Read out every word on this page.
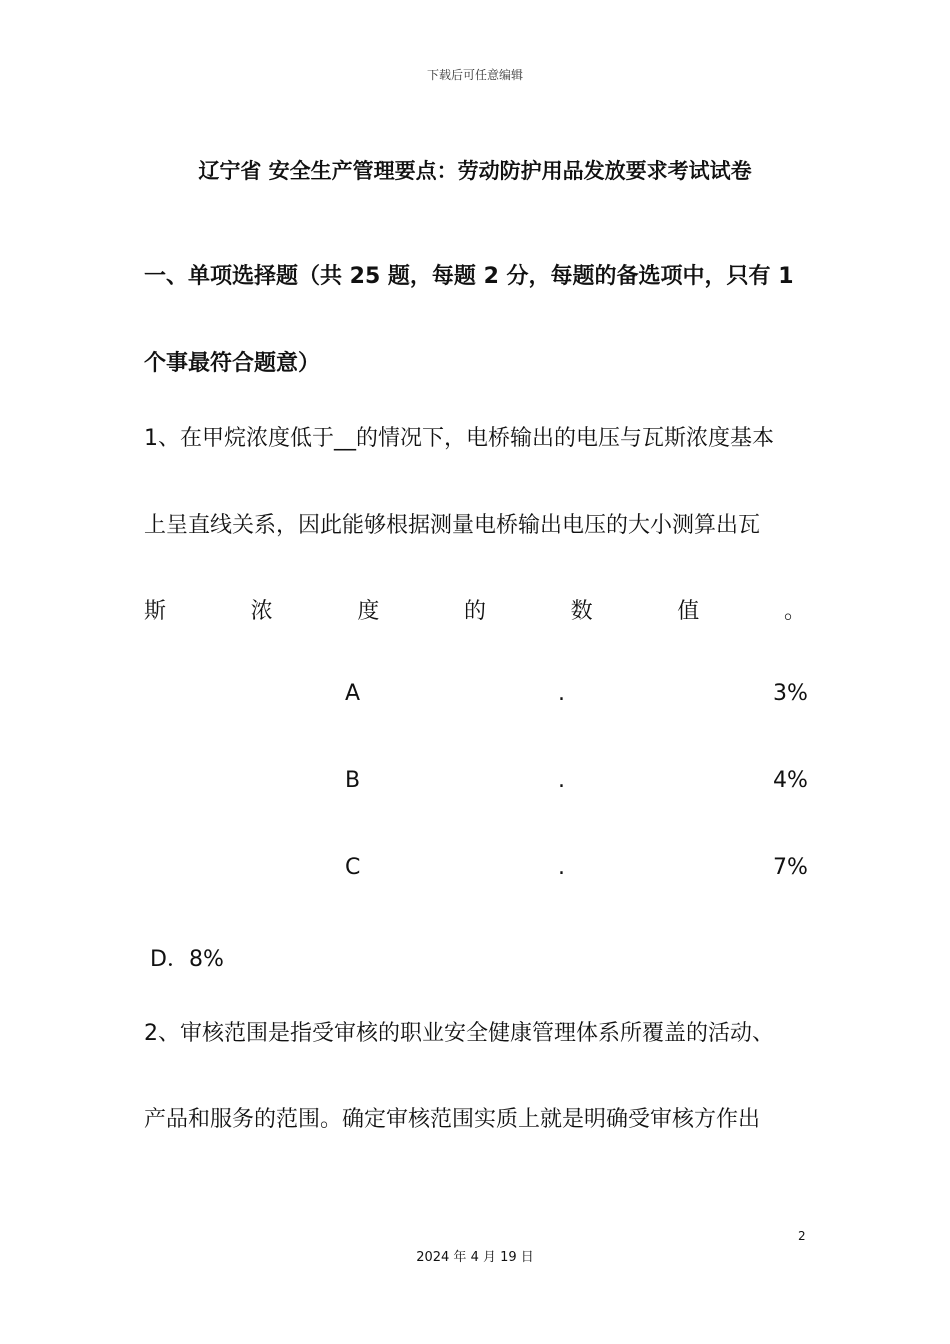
下载后可任意编辑
辽宁省 安全生产管理要点：劳动防护用品发放要求考试试卷
一、单项选择题（共 25 题，每题 2 分，每题的备选项中，只有 1
个事最符合题意）
1、在甲烷浓度低于__的情况下，电桥输出的电压与瓦斯浓度基本
上呈直线关系，因此能够根据测量电桥输出电压的大小测算出瓦
斯	浓	度	的	数	值	。
A	.	3%
B	.	4%
C	.	7%
D．8%
2、审核范围是指受审核的职业安全健康管理体系所覆盖的活动、
产品和服务的范围。确定审核范围实质上就是明确受审核方作出
2
2024 年 4 月 19 日
